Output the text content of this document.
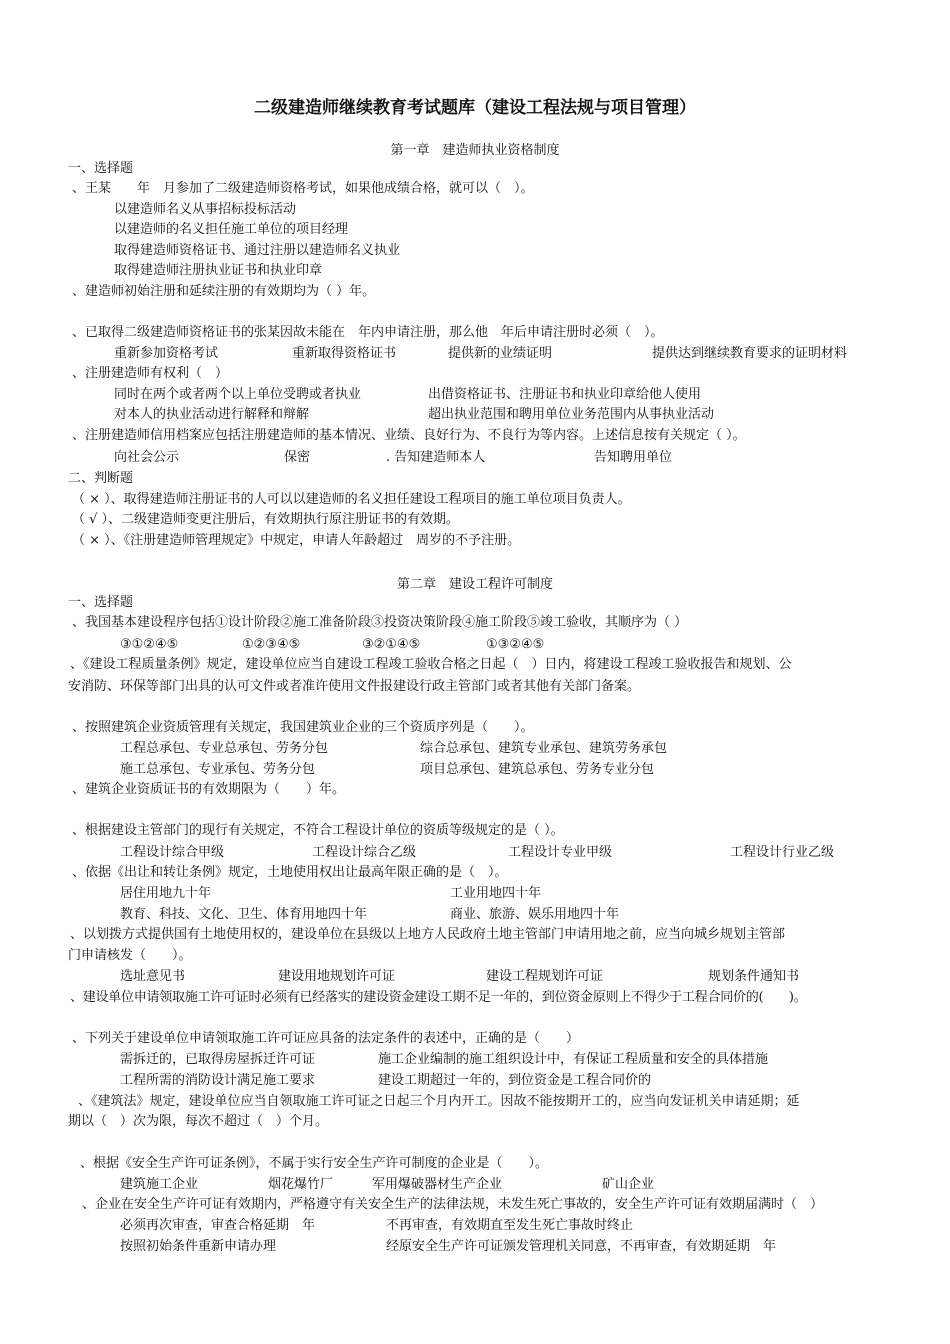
二级建造师继续教育考试题库（建设工程法规与项目管理）
第一章　建造师执业资格制度
一、选择题
、王某　　年　月参加了二级建造师资格考试，如果他成绩合格，就可以（　）。
以建造师名义从事招标投标活动
以建造师的名义担任施工单位的项目经理
取得建造师资格证书、通过注册以建造师名义执业
取得建造师注册执业证书和执业印章
、建造师初始注册和延续注册的有效期均为（ ）年。
、已取得二级建造师资格证书的张某因故未能在　年内申请注册，那么他　年后申请注册时必须（　）。
重新参加资格考试	重新取得资格证书	提供新的业绩证明	提供达到继续教育要求的证明材料
、注册建造师有权利（　）
同时在两个或者两个以上单位受聘或者执业	出借资格证书、注册证书和执业印章给他人使用
对本人的执业活动进行解释和辩解	超出执业范围和聘用单位业务范围内从事执业活动
、注册建造师信用档案应包括注册建造师的基本情况、业绩、良好行为、不良行为等内容。上述信息按有关规定（ ）。
向社会公示	保密	. 告知建造师本人	告知聘用单位
二、判断题
（ × ）、取得建造师注册证书的人可以以建造师的名义担任建设工程项目的施工单位项目负责人。
（ √ ）、二级建造师变更注册后，有效期执行原注册证书的有效期。
（ × ）、《注册建造师管理规定》中规定，申请人年龄超过　周岁的不予注册。
第二章　建设工程许可制度
一、选择题
、我国基本建设程序包括①设计阶段②施工准备阶段③投资决策阶段④施工阶段⑤竣工验收，其顺序为（ ）
③①②④⑤	①②③④⑤	③②①④⑤	①③②④⑤
、《建设工程质量条例》规定，建设单位应当自建设工程竣工验收合格之日起（　）日内，将建设工程竣工验收报告和规划、公
安消防、环保等部门出具的认可文件或者准许使用文件报建设行政主管部门或者其他有关部门备案。
、按照建筑企业资质管理有关规定，我国建筑业企业的三个资质序列是（　　）。
工程总承包、专业总承包、劳务分包	综合总承包、建筑专业承包、建筑劳务承包
施工总承包、专业承包、劳务分包	项目总承包、建筑总承包、劳务专业分包
、建筑企业资质证书的有效期限为（　　）年。
、根据建设主管部门的现行有关规定，不符合工程设计单位的资质等级规定的是（ ）。
工程设计综合甲级	工程设计综合乙级	工程设计专业甲级	工程设计行业乙级
、依据《出让和转让条例》规定，土地使用权出让最高年限正确的是（　）。
居住用地九十年	工业用地四十年
教育、科技、文化、卫生、体育用地四十年	商业、旅游、娱乐用地四十年
、以划拨方式提供国有土地使用权的，建设单位在县级以上地方人民政府土地主管部门申请用地之前，应当向城乡规划主管部
门申请核发（　　）。
选址意见书	建设用地规划许可证	建设工程规划许可证	规划条件通知书
、建设单位申请领取施工许可证时必须有已经落实的建设资金建设工期不足一年的，到位资金原则上不得少于工程合同价的(　　)。
、下列关于建设单位申请领取施工许可证应具备的法定条件的表述中，正确的是（　　）
需拆迁的，已取得房屋拆迁许可证	施工企业编制的施工组织设计中，有保证工程质量和安全的具体措施
工程所需的消防设计满足施工要求	建设工期超过一年的，到位资金是工程合同价的
、《建筑法》规定，建设单位应当自领取施工许可证之日起三个月内开工。因故不能按期开工的，应当向发证机关申请延期；延
期以（　）次为限，每次不超过（　）个月。
、根据《安全生产许可证条例》，不属于实行安全生产许可制度的企业是（　　）。
建筑施工企业	烟花爆竹厂	军用爆破器材生产企业	矿山企业
、企业在安全生产许可证有效期内，严格遵守有关安全生产的法律法规，未发生死亡事故的，安全生产许可证有效期届满时（　）
必须再次审查，审查合格延期　年	不再审查，有效期直至发生死亡事故时终止
按照初始条件重新申请办理	经原安全生产许可证颁发管理机关同意，不再审查，有效期延期　年
